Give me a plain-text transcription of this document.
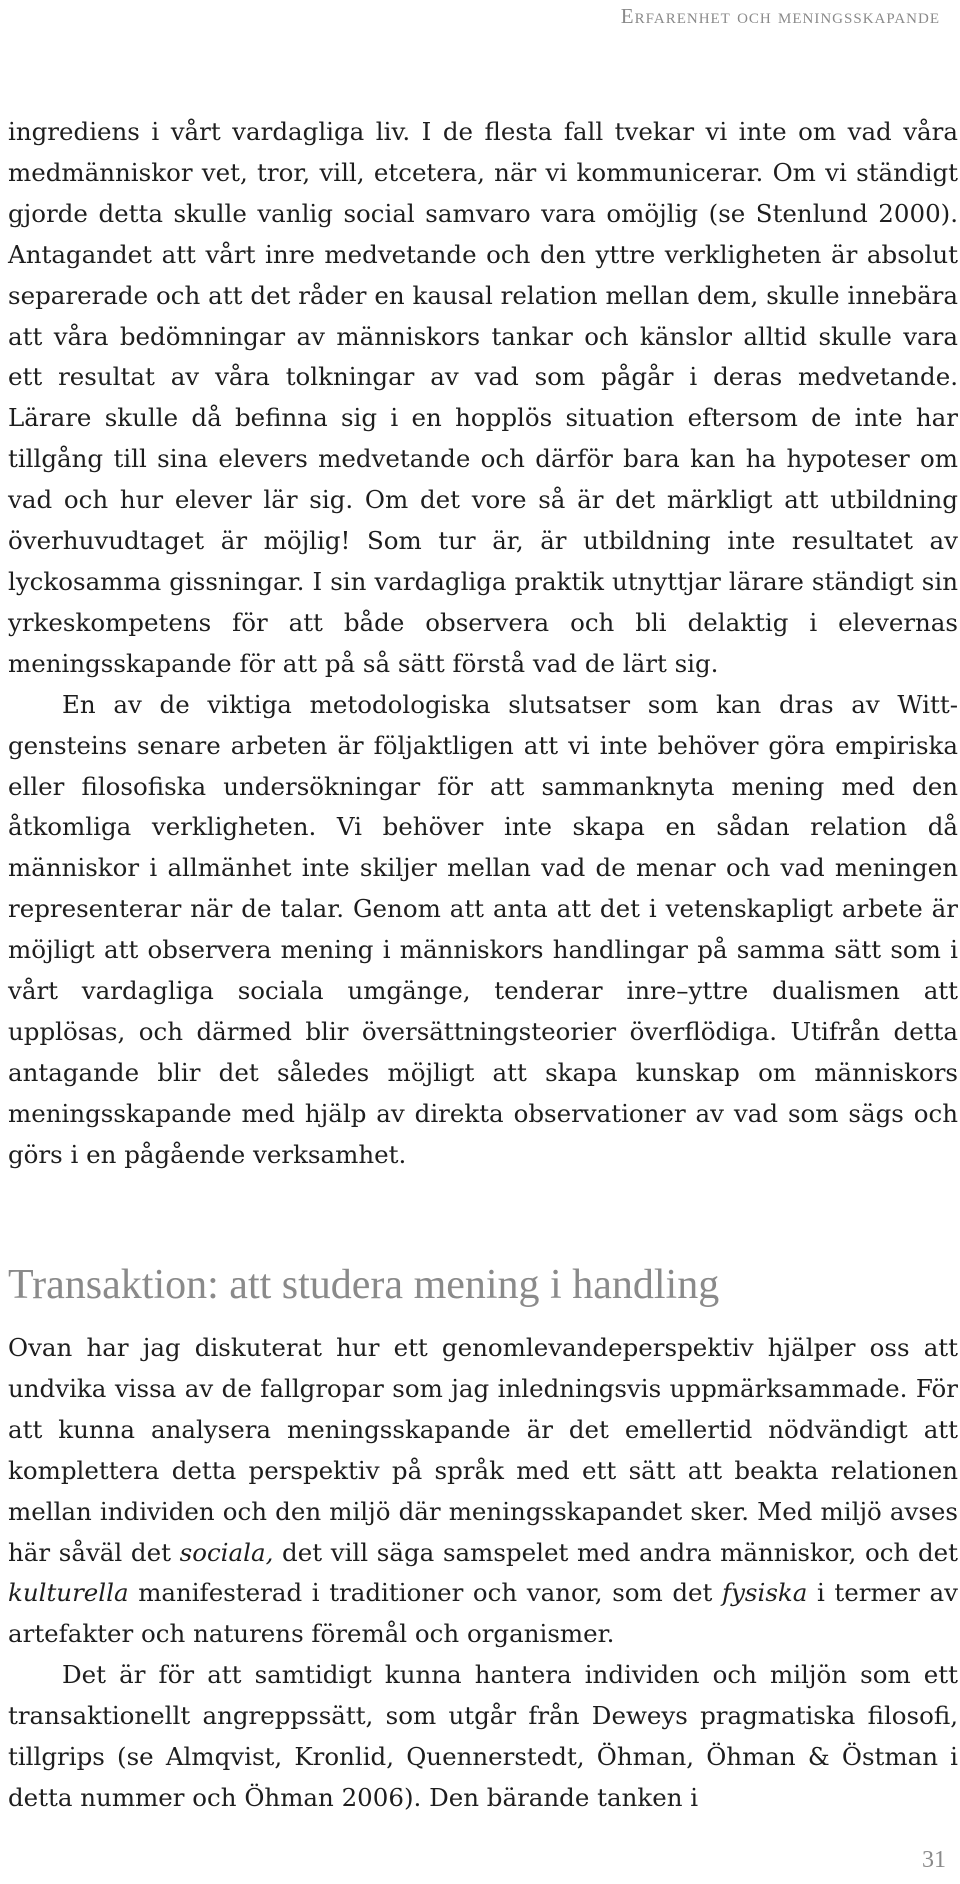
Erfarenhet och meningsskapande

ingrediens i vårt vardagliga liv. I de flesta fall tvekar vi inte om vad våra medmänniskor vet, tror, vill, etcetera, när vi kommunicerar. Om vi ständigt gjorde detta skulle vanlig social samvaro vara omöjlig (se Stenlund 2000). Antagandet att vårt inre medvetande och den yttre verkligheten är absolut separerade och att det råder en kausal relation mellan dem, skulle innebära att våra bedömningar av människors tankar och känslor alltid skulle vara ett resultat av våra tolkningar av vad som pågår i deras medvetande. Lärare skulle då befinna sig i en hopplös situation eftersom de inte har tillgång till sina elevers medvetande och därför bara kan ha hypoteser om vad och hur elever lär sig. Om det vore så är det märkligt att utbildning överhuvudtaget är möjlig! Som tur är, är utbildning inte resultatet av lyckosamma gissningar. I sin vardagliga praktik utnyttjar lärare ständigt sin yrkeskompetens för att både observera och bli delaktig i elevernas meningsskapande för att på så sätt förstå vad de lärt sig.

En av de viktiga metodologiska slutsatser som kan dras av Wittgensteins senare arbeten är följaktligen att vi inte behöver göra empiriska eller filosofiska undersökningar för att sammanknyta mening med den åtkomliga verkligheten. Vi behöver inte skapa en sådan relation då människor i allmänhet inte skiljer mellan vad de menar och vad meningen representerar när de talar. Genom att anta att det i vetenskapligt arbete är möjligt att observera mening i människors handlingar på samma sätt som i vårt vardagliga sociala umgänge, tenderar inre–yttre dualismen att upplösas, och därmed blir översättningsteorier överflödiga. Utifrån detta antagande blir det således möjligt att skapa kunskap om människors meningsskapande med hjälp av direkta observationer av vad som sägs och görs i en pågående verksamhet.

Transaktion: att studera mening i handling

Ovan har jag diskuterat hur ett genomlevandeperspektiv hjälper oss att undvika vissa av de fallgropar som jag inledningsvis uppmärksammade. För att kunna analysera meningsskapande är det emellertid nödvändigt att komplettera detta perspektiv på språk med ett sätt att beakta relationen mellan individen och den miljö där meningsskapandet sker. Med miljö avses här såväl det sociala, det vill säga samspelet med andra människor, och det kulturella manifesterad i traditioner och vanor, som det fysiska i termer av artefakter och naturens föremål och organismer.

Det är för att samtidigt kunna hantera individen och miljön som ett transaktionellt angreppssätt, som utgår från Deweys pragmatiska filosofi, tillgrips (se Almqvist, Kronlid, Quennerstedt, Öhman, Öhman & Östman i detta nummer och Öhman 2006). Den bärande tanken i

31
